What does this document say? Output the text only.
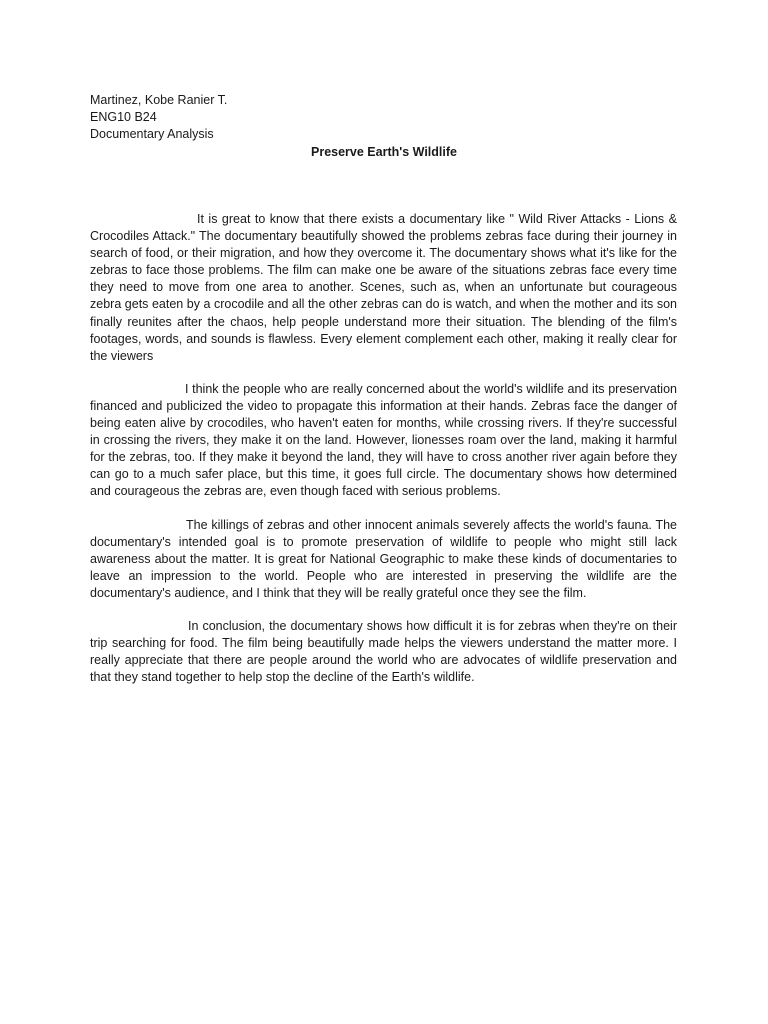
Martinez, Kobe Ranier T.
ENG10 B24
Documentary Analysis
Preserve Earth's Wildlife

It is great to know that there exists a documentary like " Wild River Attacks - Lions & Crocodiles Attack." The documentary beautifully showed the problems zebras face during their journey in search of food, or their migration, and how they overcome it. The documentary shows what it's like for the zebras to face those problems. The film can make one be aware of the situations zebras face every time they need to move from one area to another. Scenes, such as, when an unfortunate but courageous zebra gets eaten by a crocodile and all the other zebras can do is watch, and when the mother and its son finally reunites after the chaos, help people understand more their situation. The blending of the film's footages, words, and sounds is flawless. Every element complement each other, making it really clear for the viewers

I think the people who are really concerned about the world's wildlife and its preservation financed and publicized the video to propagate this information at their hands. Zebras face the danger of being eaten alive by crocodiles, who haven't eaten for months, while crossing rivers. If they're successful in crossing the rivers, they make it on the land. However, lionesses roam over the land, making it harmful for the zebras, too. If they make it beyond the land, they will have to cross another river again before they can go to a much safer place, but this time, it goes full circle. The documentary shows how determined and courageous the zebras are, even though faced with serious problems.

The killings of zebras and other innocent animals severely affects the world's fauna. The documentary's intended goal is to promote preservation of wildlife to people who might still lack awareness about the matter. It is great for National Geographic to make these kinds of documentaries to leave an impression to the world. People who are interested in preserving the wildlife are the documentary's audience, and I think that they will be really grateful once they see the film.

In conclusion, the documentary shows how difficult it is for zebras when they're on their trip searching for food. The film being beautifully made helps the viewers understand the matter more. I really appreciate that there are people around the world who are advocates of wildlife preservation and that they stand together to help stop the decline of the Earth's wildlife.
